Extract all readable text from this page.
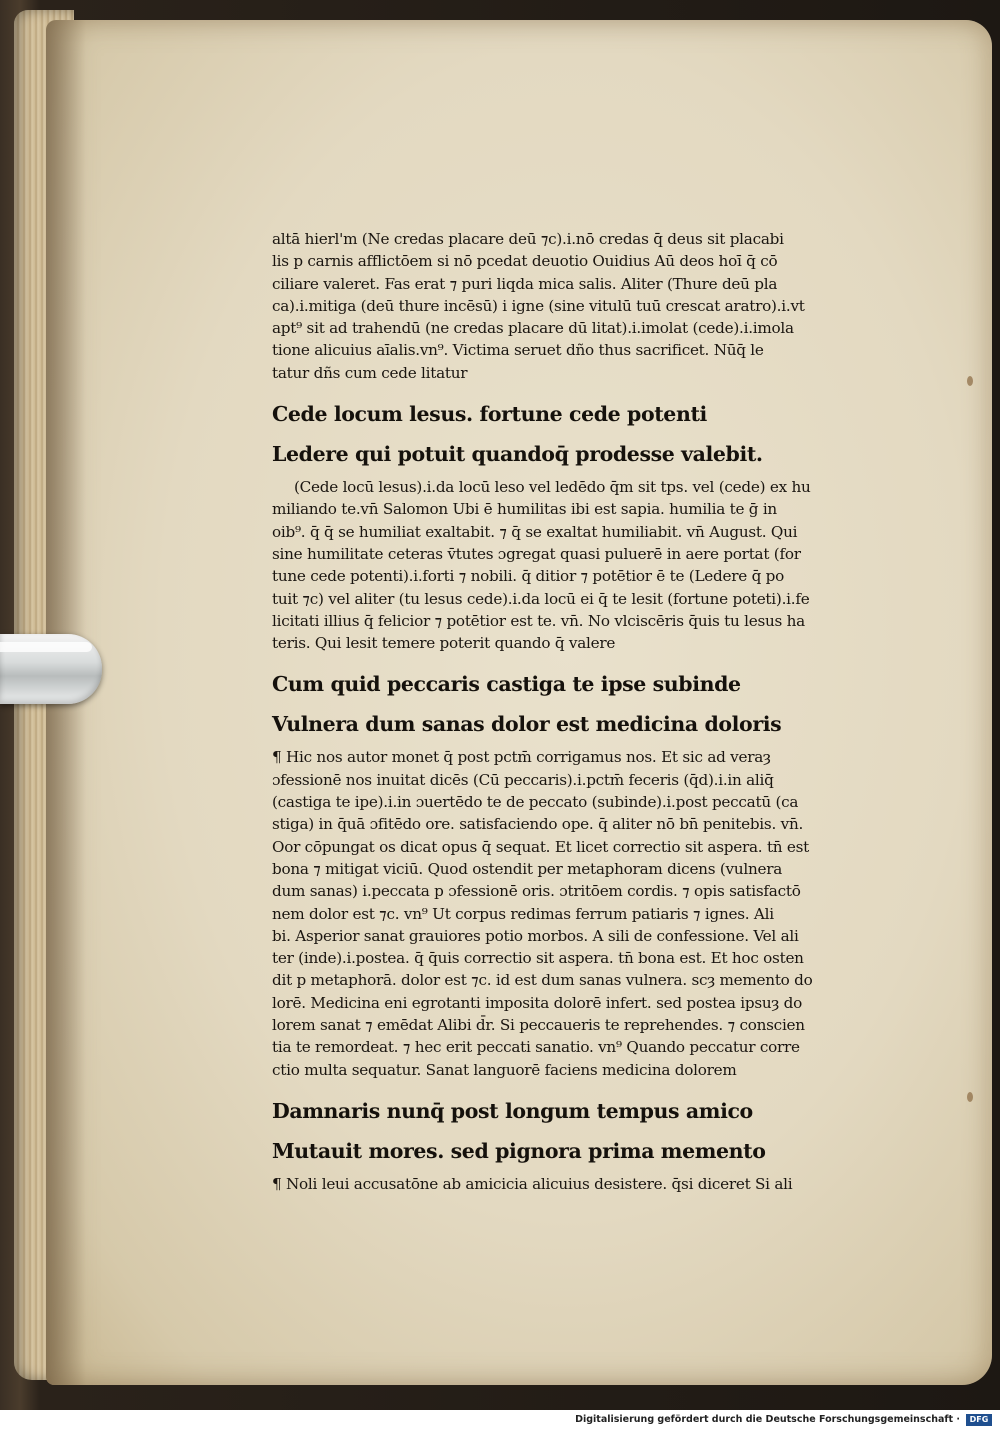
altā hierl'm (Ne credas placare deū ⁊c).i.nō credas q̄ deus sit placabi
lis p carnis afflictōem si nō pcedat deuotio Ouidius Aū deos hoī q̄ cō
ciliare valeret. Fas erat ⁊ puri liqda mica salis. Aliter (Thure deū pla
ca).i.mitiga (deū thure incēsū) i igne (sine vitulū tuū crescat aratro).i.vt
apt⁹ sit ad trahendū (ne credas placare dū litat).i.imolat (cede).i.imola
tione alicuius aīalis.vn⁹. Victima seruet dño thus sacrificet. Nūq̄ le
tatur dñs cum cede litatur
Cede locum lesus. fortune cede potenti
Ledere qui potuit quandoq̄ prodesse valebit.
(Cede locū lesus).i.da locū leso vel ledēdo q̄m sit tps. vel (cede) ex hu
miliando te.vn̄ Salomon Ubi ē humilitas ibi est sapia. humilia te ḡ in
oib⁹. q̄ q̄ se humiliat exaltabit. ⁊ q̄ se exaltat humiliabit. vn̄ August. Qui
sine humilitate ceteras v̄tutes ɔgregat quasi puluerē in aere portat (for
tune cede potenti).i.forti ⁊ nobili. q̄ ditior ⁊ potētior ē te (Ledere q̄ po
tuit ⁊c) vel aliter (tu lesus cede).i.da locū ei q̄ te lesit (fortune poteti).i.fe
licitati illius q̄ felicior ⁊ potētior est te. vn̄. No vlciscēris q̄uis tu lesus ha
teris. Qui lesit temere poterit quando q̄ valere
Cum quid peccaris castiga te ipse subinde
Vulnera dum sanas dolor est medicina doloris
¶ Hic nos autor monet q̄ post pctm̄ corrigamus nos. Et sic ad veraȝ
ɔfessionē nos inuitat dicēs (Cū peccaris).i.pctm̄ feceris (q̄d).i.in aliq̄
(castiga te ipe).i.in ɔuertēdo te de peccato (subinde).i.post peccatū (ca
stiga) in q̄uā ɔfitēdo ore. satisfaciendo ope. q̄ aliter nō bn̄ penitebis. vn̄.
Oor cōpungat os dicat opus q̄ sequat. Et licet correctio sit aspera. tn̄ est
bona ⁊ mitigat viciū. Quod ostendit per metaphoram dicens (vulnera
dum sanas) i.peccata p ɔfessionē oris. ɔtritōem cordis. ⁊ opis satisfactō
nem dolor est ⁊c. vn⁹ Ut corpus redimas ferrum patiaris ⁊ ignes. Ali
bi. Asperior sanat grauiores potio morbos. A sili de confessione. Vel ali
ter (inde).i.postea. q̄ q̄uis correctio sit aspera. tn̄ bona est. Et hoc osten
dit p metaphorā. dolor est ⁊c. id est dum sanas vulnera. scȝ memento do
lorē. Medicina eni egrotanti imposita dolorē infert. sed postea ipsuȝ do
lorem sanat ⁊ emēdat Alibi d̄r. Si peccaueris te reprehendes. ⁊ conscien
tia te remordeat. ⁊ hec erit peccati sanatio. vn⁹ Quando peccatur corre
ctio multa sequatur. Sanat languorē faciens medicina dolorem
Damnaris nunq̄ post longum tempus amico
Mutauit mores. sed pignora prima memento
¶ Noli leui accusatōne ab amicicia alicuius desistere. q̄si diceret Si ali
Digitalisierung gefördert durch die Deutsche Forschungsgemeinschaft ·	DFG
